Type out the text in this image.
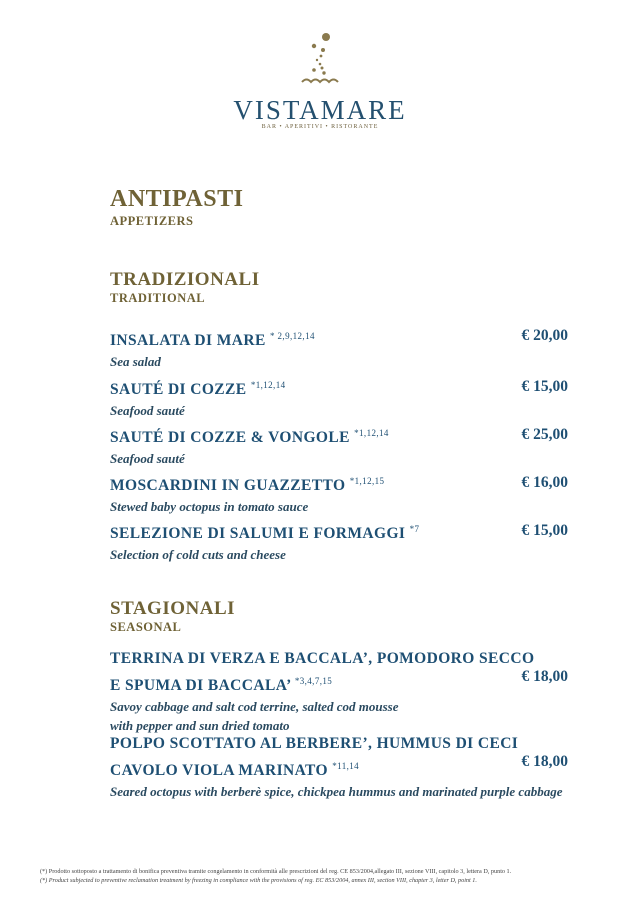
VISTAMARE
BAR • APERITIVI • RISTORANTE
ANTIPASTI
APPETIZERS
TRADIZIONALI
TRADITIONAL
INSALATA DI MARE $^{* 2,9,12,14}$
Sea salad
€ 20,00
SAUTÉ DI COZZE $^{*1,12,14}$
Seafood sauté
€ 15,00
SAUTÉ DI COZZE & VONGOLE $^{*1,12,14}$
Seafood sauté
€ 25,00
MOSCARDINI IN GUAZZETTO $^{*1,12,15}$
Stewed baby octopus in tomato sauce
€ 16,00
SELEZIONE DI SALUMI E FORMAGGI $^{*7}$
Selection of cold cuts and cheese
€ 15,00
STAGIONALI
SEASONAL
TERRINA DI VERZA E BACCALA’, POMODORO SECCO
E SPUMA DI BACCALA’ $^{*3,4,7,15}$
Savoy cabbage and salt cod terrine, salted cod mousse
with pepper and sun dried tomato
€ 18,00
POLPO SCOTTATO AL BERBERE’, HUMMUS DI CECI
CAVOLO VIOLA MARINATO $^{*11,14}$
Seared octopus with berberè spice, chickpea hummus and marinated purple cabbage
€ 18,00
(*) Prodotto sottoposto a trattamento di bonifica preventiva tramite congelamento in conformità alle prescrizioni del reg. CE 853/2004,allegato III, sezione VIII, capitolo 3, lettera D, punto 1.
(*) Product subjected to preventive reclamation treatment by freezing in compliance with the provisions of reg. EC 853/2004, annex III, section VIII, chapter 3, letter D, point 1.
